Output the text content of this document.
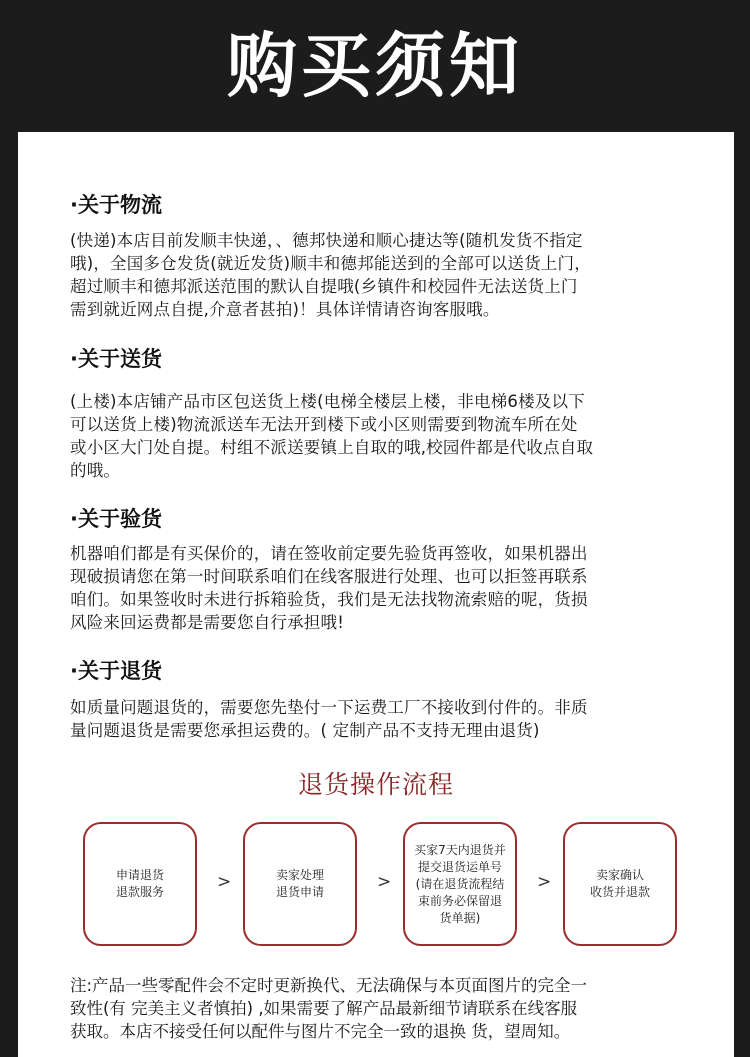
购买须知
·关于物流
(快递)本店目前发顺丰快递，、德邦快递和顺心捷达等(随机发货不指定
哦)，全国多仓发货(就近发货)顺丰和德邦能送到的全部可以送货上门，
超过顺丰和德邦派送范围的默认自提哦(乡镇件和校园件无法送货上门
需到就近网点自提,介意者甚拍)！具体详情请咨询客服哦。
·关于送货
(上楼)本店铺产品市区包送货上楼(电梯全楼层上楼，非电梯6楼及以下
可以送货上楼)物流派送车无法开到楼下或小区则需要到物流车所在处
或小区大门处自提。村组不派送要镇上自取的哦,校园件都是代收点自取
的哦。
·关于验货
机器咱们都是有买保价的，请在签收前定要先验货再签收，如果机器出
现破损请您在第一时间联系咱们在线客服进行处理、也可以拒签再联系
咱们。如果签收时未进行拆箱验货，我们是无法找物流索赔的呢，货损
风险来回运费都是需要您自行承担哦!
·关于退货
如质量问题退货的，需要您先垫付一下运费工厂不接收到付件的。非质
量问题退货是需要您承担运费的。( 定制产品不支持无理由退货)
退货操作流程
申请退货
退款服务	>	卖家处理
退货申请	>
买家7天内退货并
提交退货运单号
(请在退货流程结
束前务必保留退
货单据)
>	卖家确认
收货并退款
注:产品一些零配件会不定时更新换代、无法确保与本页面图片的完全一
致性(有 完美主义者慎拍) ,如果需要了解产品最新细节请联系在线客服
获取。本店不接受任何以配件与图片不完全一致的退换 货，望周知。
